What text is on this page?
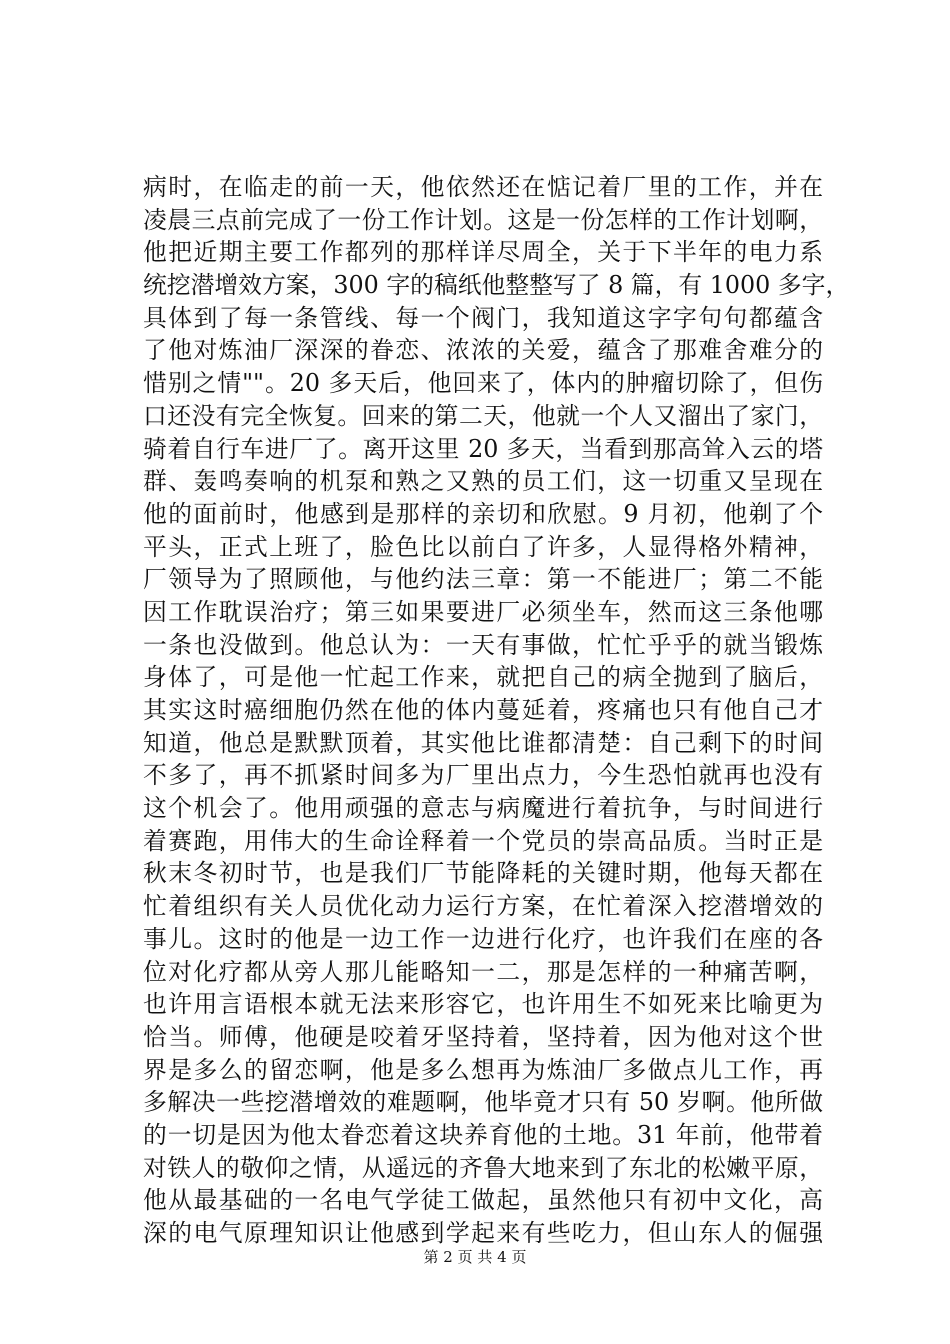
病时，在临走的前一天，他依然还在惦记着厂里的工作，并在
凌晨三点前完成了一份工作计划。这是一份怎样的工作计划啊，
他把近期主要工作都列的那样详尽周全，关于下半年的电力系
统挖潜增效方案，300 字的稿纸他整整写了 8 篇，有 1000 多字，
具体到了每一条管线、每一个阀门，我知道这字字句句都蕴含
了他对炼油厂深深的眷恋、浓浓的关爱，蕴含了那难舍难分的
惜别之情""。20 多天后，他回来了，体内的肿瘤切除了，但伤
口还没有完全恢复。回来的第二天，他就一个人又溜出了家门，
骑着自行车进厂了。离开这里 20 多天，当看到那高耸入云的塔
群、轰鸣奏响的机泵和熟之又熟的员工们，这一切重又呈现在
他的面前时，他感到是那样的亲切和欣慰。9 月初，他剃了个
平头，正式上班了，脸色比以前白了许多，人显得格外精神，
厂领导为了照顾他，与他约法三章：第一不能进厂；第二不能
因工作耽误治疗；第三如果要进厂必须坐车，然而这三条他哪
一条也没做到。他总认为：一天有事做，忙忙乎乎的就当锻炼
身体了，可是他一忙起工作来，就把自己的病全抛到了脑后，
其实这时癌细胞仍然在他的体内蔓延着，疼痛也只有他自己才
知道，他总是默默顶着，其实他比谁都清楚：自己剩下的时间
不多了，再不抓紧时间多为厂里出点力，今生恐怕就再也没有
这个机会了。他用顽强的意志与病魔进行着抗争，与时间进行
着赛跑，用伟大的生命诠释着一个党员的崇高品质。当时正是
秋末冬初时节，也是我们厂节能降耗的关键时期，他每天都在
忙着组织有关人员优化动力运行方案，在忙着深入挖潜增效的
事儿。这时的他是一边工作一边进行化疗，也许我们在座的各
位对化疗都从旁人那儿能略知一二，那是怎样的一种痛苦啊，
也许用言语根本就无法来形容它，也许用生不如死来比喻更为
恰当。师傅，他硬是咬着牙坚持着，坚持着，因为他对这个世
界是多么的留恋啊，他是多么想再为炼油厂多做点儿工作，再
多解决一些挖潜增效的难题啊，他毕竟才只有 50 岁啊。他所做
的一切是因为他太眷恋着这块养育他的土地。31 年前，他带着
对铁人的敬仰之情，从遥远的齐鲁大地来到了东北的松嫩平原，
他从最基础的一名电气学徒工做起，虽然他只有初中文化，高
深的电气原理知识让他感到学起来有些吃力，但山东人的倔强
第 2 页 共 4 页
